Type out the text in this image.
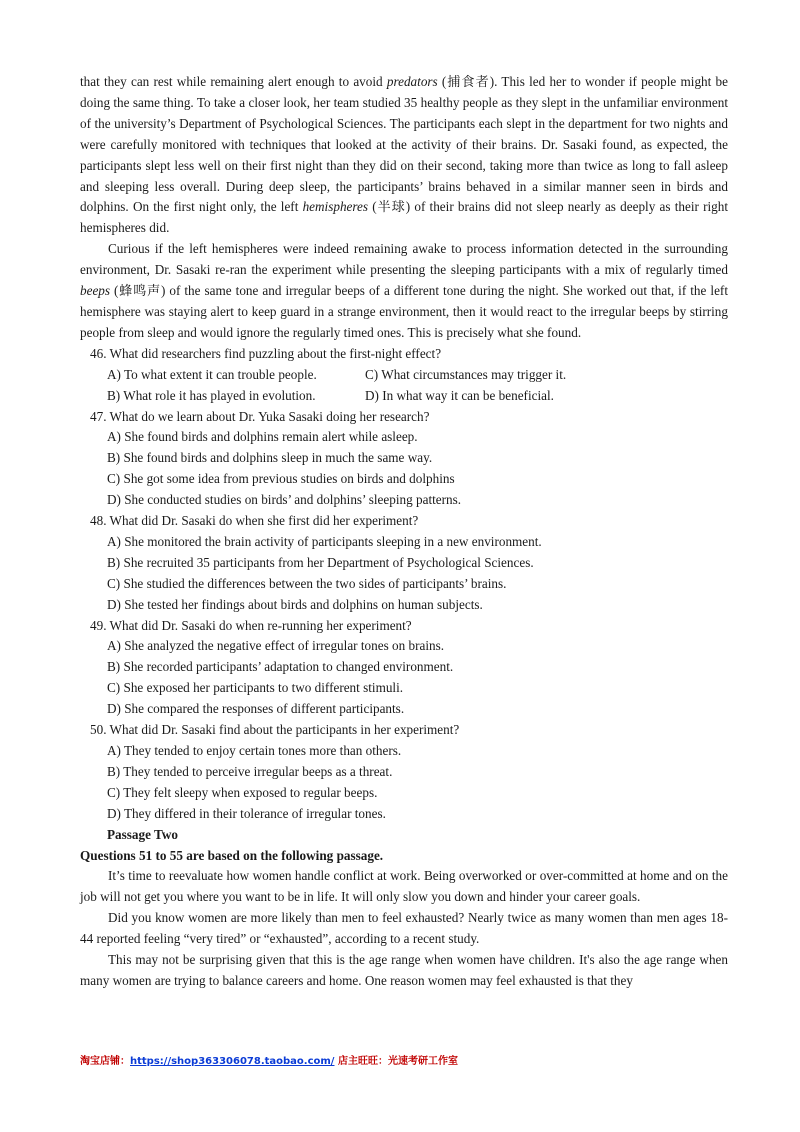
that they can rest while remaining alert enough to avoid predators (捕食者). This led her to wonder if people might be doing the same thing. To take a closer look, her team studied 35 healthy people as they slept in the unfamiliar environment of the university’s Department of Psychological Sciences. The participants each slept in the department for two nights and were carefully monitored with techniques that looked at the activity of their brains. Dr. Sasaki found, as expected, the participants slept less well on their first night than they did on their second, taking more than twice as long to fall asleep and sleeping less overall. During deep sleep, the participants’ brains behaved in a similar manner seen in birds and dolphins. On the first night only, the left hemispheres (半球) of their brains did not sleep nearly as deeply as their right hemispheres did.

Curious if the left hemispheres were indeed remaining awake to process information detected in the surrounding environment, Dr. Sasaki re-ran the experiment while presenting the sleeping participants with a mix of regularly timed beeps (蜂鸣声) of the same tone and irregular beeps of a different tone during the night. She worked out that, if the left hemisphere was staying alert to keep guard in a strange environment, then it would react to the irregular beeps by stirring people from sleep and would ignore the regularly timed ones. This is precisely what she found.

46. What did researchers find puzzling about the first-night effect?

A) To what extent it can trouble people.	C) What circumstances may trigger it.

B) What role it has played in evolution.	D) In what way it can be beneficial.

47. What do we learn about Dr. Yuka Sasaki doing her research?

A) She found birds and dolphins remain alert while asleep.

B) She found birds and dolphins sleep in much the same way.

C) She got some idea from previous studies on birds and dolphins

D) She conducted studies on birds’ and dolphins’ sleeping patterns.

48. What did Dr. Sasaki do when she first did her experiment?

A) She monitored the brain activity of participants sleeping in a new environment.

B) She recruited 35 participants from her Department of Psychological Sciences.

C) She studied the differences between the two sides of participants’ brains.

D) She tested her findings about birds and dolphins on human subjects.

49. What did Dr. Sasaki do when re-running her experiment?

A) She analyzed the negative effect of irregular tones on brains.

B) She recorded participants’ adaptation to changed environment.

C) She exposed her participants to two different stimuli.

D) She compared the responses of different participants.

50. What did Dr. Sasaki find about the participants in her experiment?

A) They tended to enjoy certain tones more than others.

B) They tended to perceive irregular beeps as a threat.

C) They felt sleepy when exposed to regular beeps.

D) They differed in their tolerance of irregular tones.

Passage Two

Questions 51 to 55 are based on the following passage.

It’s time to reevaluate how women handle conflict at work. Being overworked or over-committed at home and on the job will not get you where you want to be in life. It will only slow you down and hinder your career goals.

Did you know women are more likely than men to feel exhausted? Nearly twice as many women than men ages 18-44 reported feeling “very tired” or “exhausted”, according to a recent study.

This may not be surprising given that this is the age range when women have children. It's also the age range when many women are trying to balance careers and home. One reason women may feel exhausted is that they

淘宝店铺：https://shop363306078.taobao.com/ 店主旺旺：光速考研工作室
